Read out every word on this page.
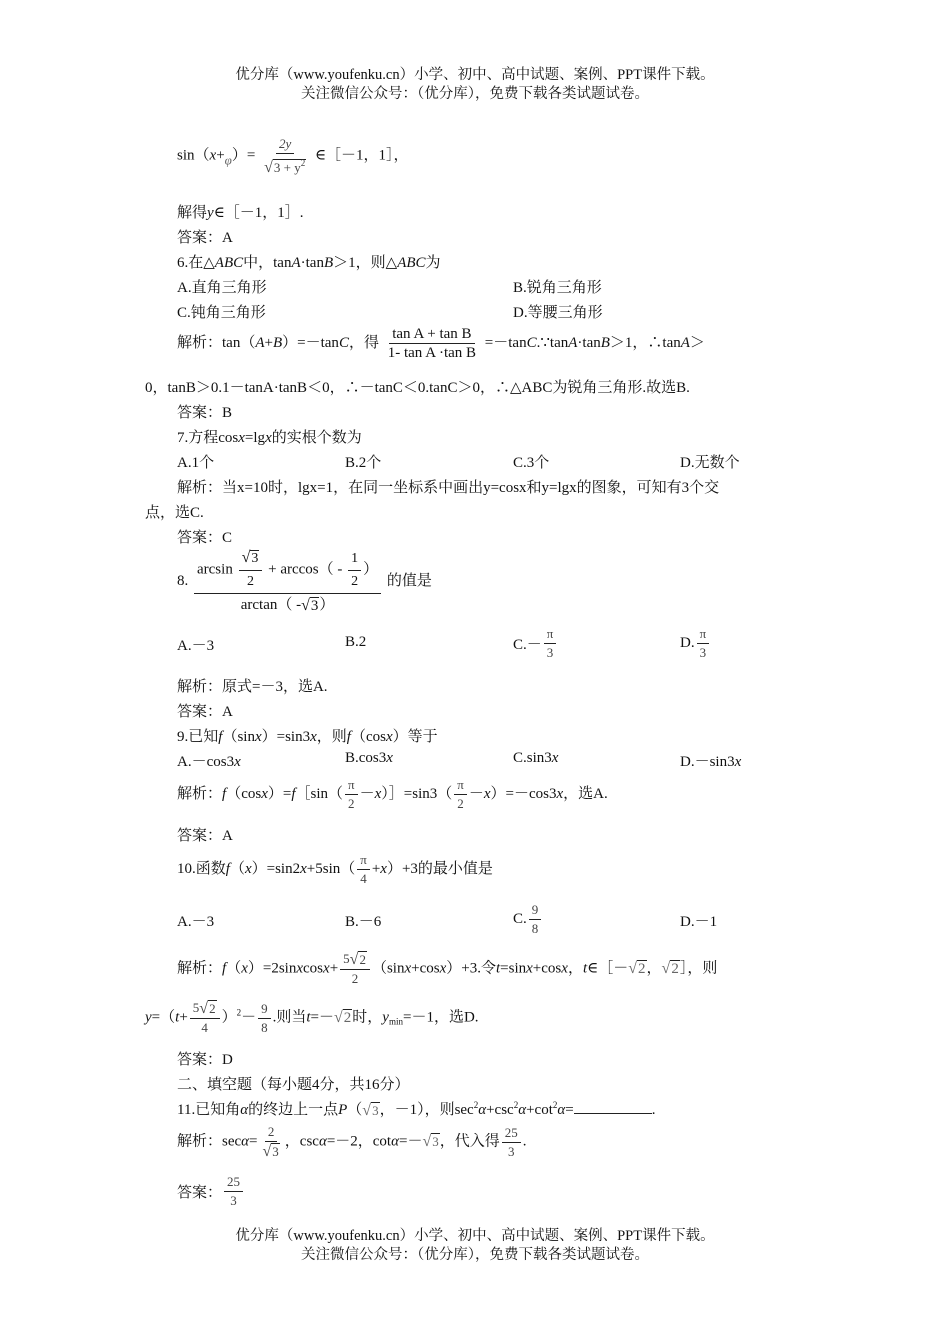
优分库（www.youfenku.cn）小学、初中、高中试题、案例、PPT课件下载。
关注微信公众号：（优分库），免费下载各类试题试卷。
$\sin(x+\varphi)= \frac{2y}{√3 + y^2}$ ∈［－1，1］，
解得y∈［－1，1］.
答案：A
6.在△ABC中，tanA·tanB＞1，则△ABC为
A.直角三角形	B.锐角三角形
C.钝角三角形	D.等腰三角形
解析：tan（A+B）=－tanC，得 $\frac{\text{tan A + tan B}}{\text{1- tan A ·tan B}}$ =－tanC.∵tanA·tanB＞1，∴tanA＞
0，tanB＞0.1－tanA·tanB＜0，∴－tanC＜0.tanC＞0，∴△ABC为锐角三角形.故选B.
答案：B
7.方程cosx=lgx的实根个数为
A.1个	B.2个	C.3个	D.无数个
解析：当x=10时，lgx=1，在同一坐标系中画出y=cosx和y=lgx的图象，可知有3个交
点，选C.
答案：C
8. $\frac{\arcsin \frac{√3}{2} + \arccos( - \frac{1}{2} )}{\arctan( -√3)}$ 的值是
A.－3	B.2	$C.- \frac{\pi}{3}$	D. $\frac{\pi}{3}$
解析：原式=－3，选A.
答案：A
9.已知f（sinx）=sin3x，则f（cosx）等于
A.－cos3x	B.cos3x	C.sin3x	D.－sin3x
解析：f（cosx）=f［sin（ $\frac{\pi}{2}$ －x）］=sin3（ $\frac{\pi}{2} -x)=-\cos 3x$，选A.
答案：A
10.函数$f(x)=\sin 2x+5\sin( \frac{\pi}{4} +x)+3$的最小值是
A.－3	B.－6	C. $\frac{9}{8}$	D.－1
解析：f（x）=2sinxcosx+ $\frac{5√2}{2} (\sin x+\cos x)+3$.令t=sinx+cosx，t∈［－√2，√2］，则
$y=(t+ \frac{5√2}{4} )^2- \frac{9}{8}$ .则当t=－√2时，$y_{min}=-1$，选D.
答案：D
二、填空题（每小题4分，共16分）
11.已知角α的终边上一点P（√3，－1），则$\sec^2\alpha+\csc^2\alpha+\cot^2\alpha=$	.
解析：$\sec\alpha= \frac{2}{√3}$ ，cscα=－2，cotα=－√3，代入得 $\frac{25}{3}$ .
答案： $\frac{25}{3}$
优分库（www.youfenku.cn）小学、初中、高中试题、案例、PPT课件下载。
关注微信公众号：（优分库），免费下载各类试题试卷。
